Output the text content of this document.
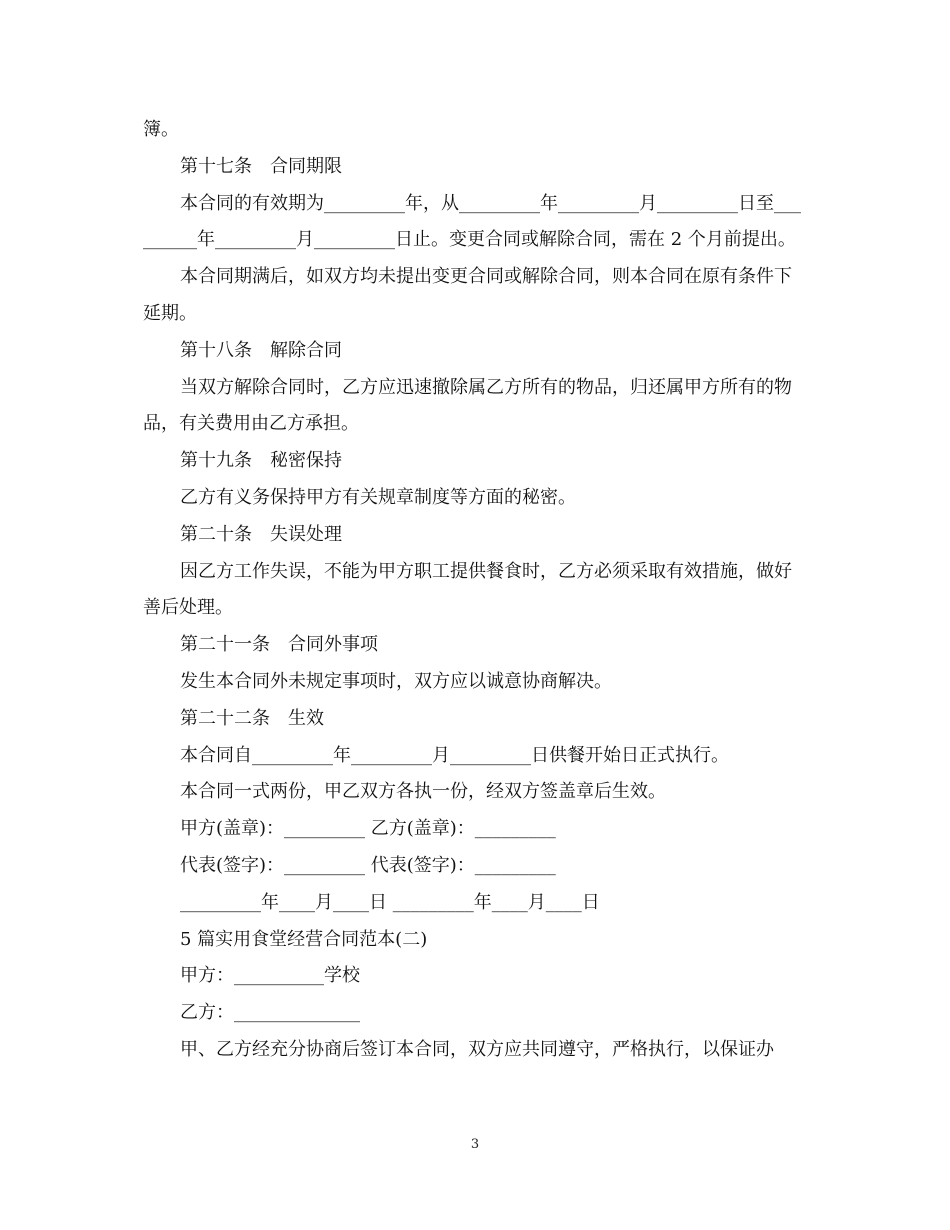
簿。

第十七条　合同期限

本合同的有效期为_________年，从_________年_________月_________日至_________年_________月_________日止。变更合同或解除合同，需在 2 个月前提出。

本合同期满后，如双方均未提出变更合同或解除合同，则本合同在原有条件下延期。

第十八条　解除合同

当双方解除合同时，乙方应迅速撤除属乙方所有的物品，归还属甲方所有的物品，有关费用由乙方承担。

第十九条　秘密保持

乙方有义务保持甲方有关规章制度等方面的秘密。

第二十条　失误处理

因乙方工作失误，不能为甲方职工提供餐食时，乙方必须采取有效措施，做好善后处理。

第二十一条　合同外事项

发生本合同外未规定事项时，双方应以诚意协商解决。

第二十二条　生效

本合同自_________年_________月_________日供餐开始日正式执行。

本合同一式两份，甲乙双方各执一份，经双方签盖章后生效。

甲方(盖章)：_________ 乙方(盖章)：_________

代表(签字)：_________ 代表(签字)：_________

_________年____月____日 _________年____月____日

5 篇实用食堂经营合同范本(二)

甲方：__________学校

乙方：______________

甲、乙方经充分协商后签订本合同，双方应共同遵守，严格执行，以保证办

3
